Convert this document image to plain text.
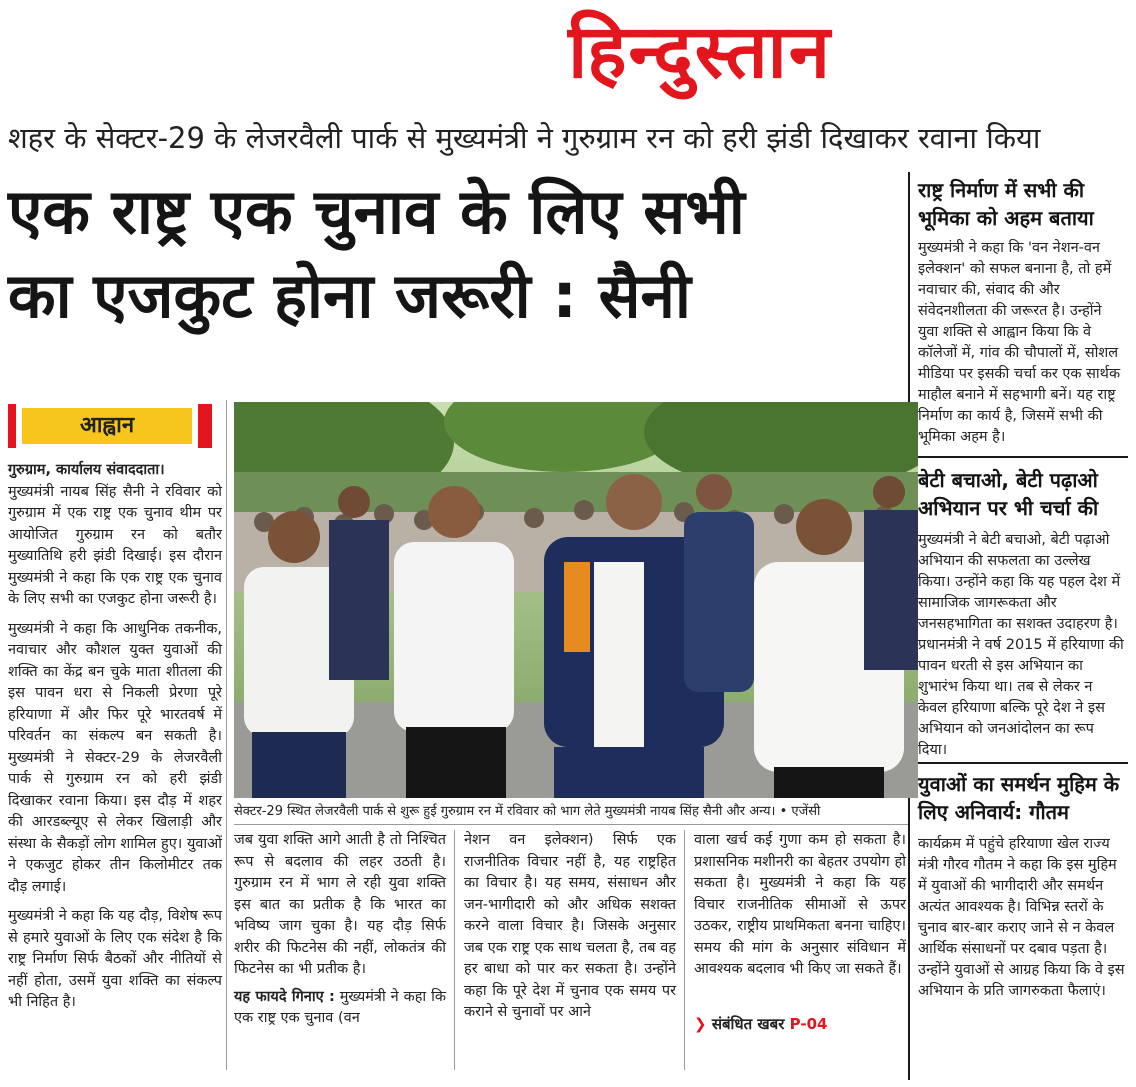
हिन्दुस्तान
शहर के सेक्टर-29 के लेजरवैली पार्क से मुख्यमंत्री ने गुरुग्राम रन को हरी झंडी दिखाकर रवाना किया
एक राष्ट्र एक चुनाव के लिए सभी
का एजकुट होना जरूरी : सैनी
राष्ट्र निर्माण में सभी की भूमिका को अहम बताया
मुख्यमंत्री ने कहा कि 'वन नेशन-वन इलेक्शन' को सफल बनाना है, तो हमें नवाचार की, संवाद की और संवेदनशीलता की जरूरत है। उन्होंने युवा शक्ति से आह्वान किया कि वे कॉलेजों में, गांव की चौपालों में, सोशल मीडिया पर इसकी चर्चा कर एक सार्थक माहौल बनाने में सहभागी बनें। यह राष्ट्र निर्माण का कार्य है, जिसमें सभी की भूमिका अहम है।
बेटी बचाओ, बेटी पढ़ाओ अभियान पर भी चर्चा की
मुख्यमंत्री ने बेटी बचाओ, बेटी पढ़ाओ अभियान की सफलता का उल्लेख किया। उन्होंने कहा कि यह पहल देश में सामाजिक जागरूकता और जनसहभागिता का सशक्त उदाहरण है। प्रधानमंत्री ने वर्ष 2015 में हरियाणा की पावन धरती से इस अभियान का शुभारंभ किया था। तब से लेकर न केवल हरियाणा बल्कि पूरे देश ने इस अभियान को जनआंदोलन का रूप दिया।
युवाओं का समर्थन मुहिम के लिए अनिवार्य: गौतम
कार्यक्रम में पहुंचे हरियाणा खेल राज्य मंत्री गौरव गौतम ने कहा कि इस मुहिम में युवाओं की भागीदारी और समर्थन अत्यंत आवश्यक है। विभिन्न स्तरों के चुनाव बार-बार कराए जाने से न केवल आर्थिक संसाधनों पर दबाव पड़ता है। उन्होंने युवाओं से आग्रह किया कि वे इस अभियान के प्रति जागरुकता फैलाएं।
आह्वान

गुरुग्राम, कार्यालय संवाददाता।

मुख्यमंत्री नायब सिंह सैनी ने रविवार को गुरुग्राम में एक राष्ट्र एक चुनाव थीम पर आयोजित गुरुग्राम रन को बतौर मुख्यातिथि हरी झंडी दिखाई। इस दौरान मुख्यमंत्री ने कहा कि एक राष्ट्र एक चुनाव के लिए सभी का एजकुट होना जरूरी है।

मुख्यमंत्री ने कहा कि आधुनिक तकनीक, नवाचार और कौशल युक्त युवाओं की शक्ति का केंद्र बन चुके माता शीतला की इस पावन धरा से निकली प्रेरणा पूरे हरियाणा में और फिर पूरे भारतवर्ष में परिवर्तन का संकल्प बन सकती है। मुख्यमंत्री ने सेक्टर-29 के लेजरवैली पार्क से गुरुग्राम रन को हरी झंडी दिखाकर रवाना किया। इस दौड़ में शहर की आरडब्ल्यूए से लेकर खिलाड़ी और संस्था के सैकड़ों लोग शामिल हुए। युवाओं ने एकजुट होकर तीन किलोमीटर तक दौड़ लगाई।

मुख्यमंत्री ने कहा कि यह दौड़, विशेष रूप से हमारे युवाओं के लिए एक संदेश है कि राष्ट्र निर्माण सिर्फ बैठकों और नीतियों से नहीं होता, उसमें युवा शक्ति का संकल्प भी निहित है।

सेक्टर-29 स्थित लेजरवैली पार्क से शुरू हुई गुरुग्राम रन में रविवार को भाग लेते मुख्यमंत्री नायब सिंह सैनी और अन्य। • एजेंसी

जब युवा शक्ति आगे आती है तो निश्चित रूप से बदलाव की लहर उठती है। गुरुग्राम रन में भाग ले रही युवा शक्ति इस बात का प्रतीक है कि भारत का भविष्य जाग चुका है। यह दौड़ सिर्फ शरीर की फिटनेस की नहीं, लोकतंत्र की फिटनेस का भी प्रतीक है।

यह फायदे गिनाए : मुख्यमंत्री ने कहा कि एक राष्ट्र एक चुनाव (वन

नेशन वन इलेक्शन) सिर्फ एक राजनीतिक विचार नहीं है, यह राष्ट्रहित का विचार है। यह समय, संसाधन और जन-भागीदारी को और अधिक सशक्त करने वाला विचार है। जिसके अनुसार जब एक राष्ट्र एक साथ चलता है, तब वह हर बाधा को पार कर सकता है। उन्होंने कहा कि पूरे देश में चुनाव एक समय पर कराने से चुनावों पर आने

वाला खर्च कई गुणा कम हो सकता है। प्रशासनिक मशीनरी का बेहतर उपयोग हो सकता है। मुख्यमंत्री ने कहा कि यह विचार राजनीतिक सीमाओं से ऊपर उठकर, राष्ट्रीय प्राथमिकता बनना चाहिए। समय की मांग के अनुसार संविधान में आवश्यक बदलाव भी किए जा सकते हैं।

❯ संबंधित खबर P-04
